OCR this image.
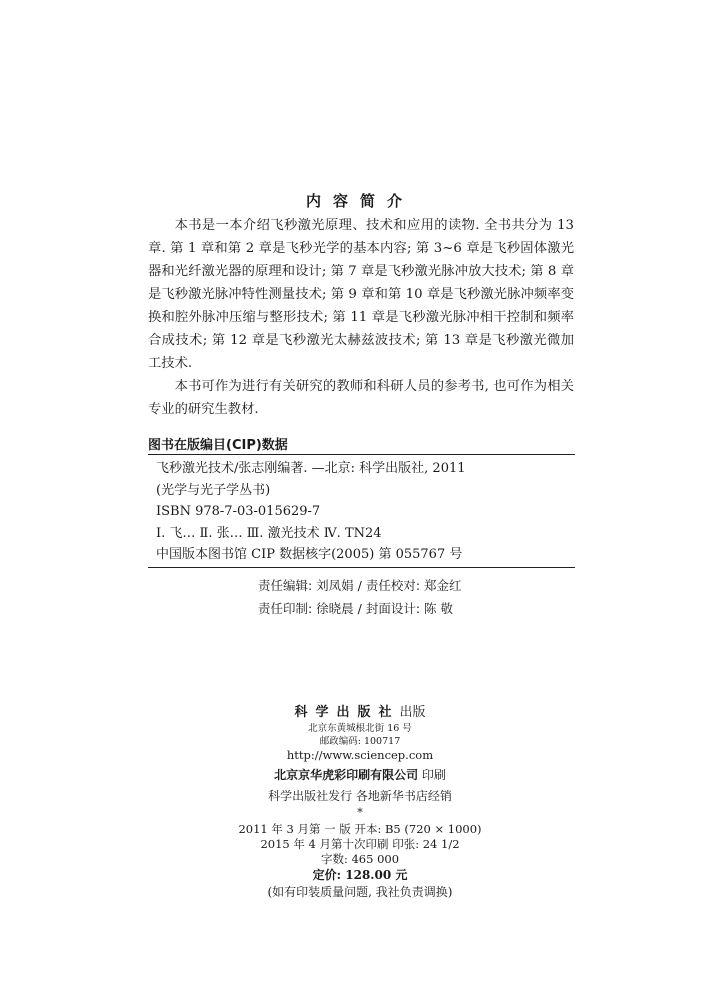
内容简介

本书是一本介绍飞秒激光原理、技术和应用的读物. 全书共分为 13 章. 第 1 章和第 2 章是飞秒光学的基本内容; 第 3~6 章是飞秒固体激光器和光纤激光器的原理和设计; 第 7 章是飞秒激光脉冲放大技术; 第 8 章是飞秒激光脉冲特性测量技术; 第 9 章和第 10 章是飞秒激光脉冲频率变换和腔外脉冲压缩与整形技术; 第 11 章是飞秒激光脉冲相干控制和频率合成技术; 第 12 章是飞秒激光太赫兹波技术; 第 13 章是飞秒激光微加工技术.

本书可作为进行有关研究的教师和科研人员的参考书, 也可作为相关专业的研究生教材.

图书在版编目(CIP)数据
飞秒激光技术/张志刚编著. —北京: 科学出版社, 2011
(光学与光子学丛书)
ISBN 978-7-03-015629-7
Ⅰ. 飞… Ⅱ. 张… Ⅲ. 激光技术 Ⅳ. TN24
中国版本图书馆 CIP 数据核字(2005) 第 055767 号
责任编辑: 刘凤娟 / 责任校对: 郑金红
责任印制: 徐晓晨 / 封面设计: 陈 敬
科学出版社出版
北京东黄城根北街 16 号
邮政编码: 100717
http://www.sciencep.com
北京京华虎彩印刷有限公司 印刷
科学出版社发行 各地新华书店经销
*
2011 年 3 月第 一 版 开本: B5 (720 × 1000)
2015 年 4 月第十次印刷 印张: 24 1/2
字数: 465 000
定价: 128.00 元
(如有印装质量问题, 我社负责调换)
